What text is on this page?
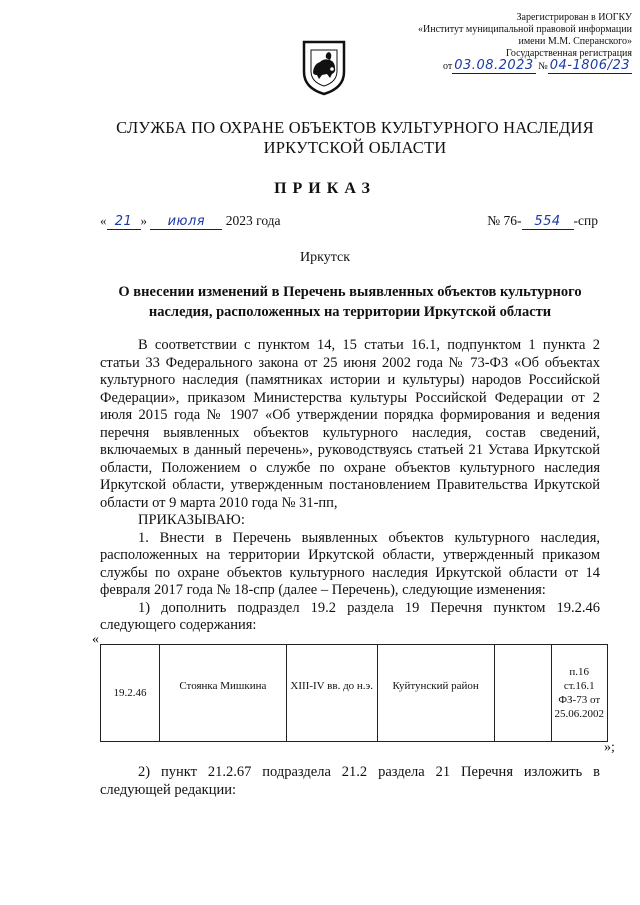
Зарегистрирован в ИОГКУ
«Институт муниципальной правовой информации
имени М.М. Сперанского»
Государственная регистрация
от 03.08.2023 № 04-1806/23
СЛУЖБА ПО ОХРАНЕ ОБЪЕКТОВ КУЛЬТУРНОГО НАСЛЕДИЯ
ИРКУТСКОЙ ОБЛАСТИ
ПРИКАЗ
« 21 » июля 2023 года	№ 76- 554 -спр
Иркутск
О внесении изменений в Перечень выявленных объектов культурного
наследия, расположенных на территории Иркутской области

В соответствии с пунктом 14, 15 статьи 16.1, подпунктом 1 пункта 2 статьи 33 Федерального закона от 25 июня 2002 года № 73-ФЗ «Об объектах культурного наследия (памятниках истории и культуры) народов Российской Федерации», приказом Министерства культуры Российской Федерации от 2 июля 2015 года № 1907 «Об утверждении порядка формирования и ведения перечня выявленных объектов культурного наследия, состав сведений, включаемых в данный перечень», руководствуясь статьей 21 Устава Иркутской области, Положением о службе по охране объектов культурного наследия Иркутской области, утвержденным постановлением Правительства Иркутской области от 9 марта 2010 года № 31-пп,

ПРИКАЗЫВАЮ:

1. Внести в Перечень выявленных объектов культурного наследия, расположенных на территории Иркутской области, утвержденный приказом службы по охране объектов культурного наследия Иркутской области от 14 февраля 2017 года № 18-спр (далее – Перечень), следующие изменения:

1) дополнить подраздел 19.2 раздела 19 Перечня пунктом 19.2.46 следующего содержания:

«
19.2.46	Стоянка Мишкина	XIII-IV вв. до н.э.	Куйтунский район		п.16 ст.16.1 ФЗ-73 от 25.06.2002
»;

2) пункт 21.2.67 подраздела 21.2 раздела 21 Перечня изложить в следующей редакции:
